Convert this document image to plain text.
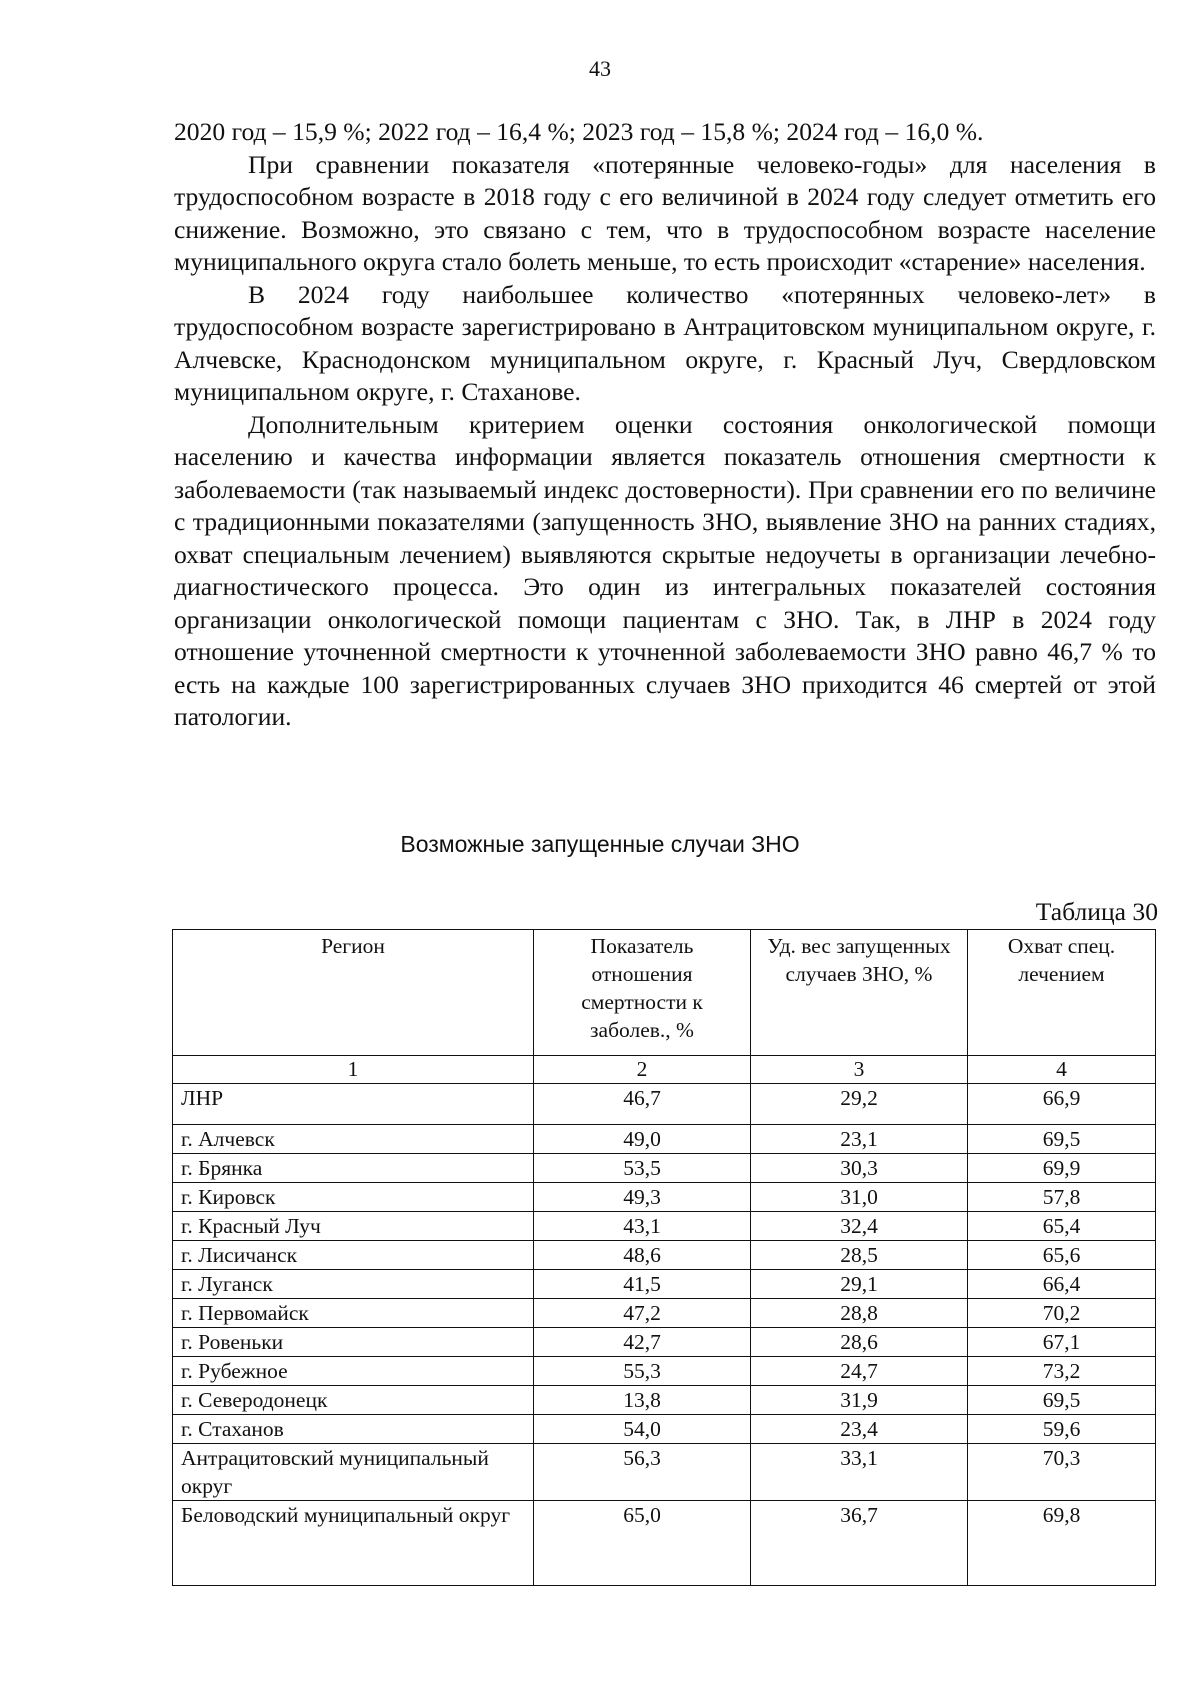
43

2020 год – 15,9 %; 2022 год – 16,4 %; 2023 год – 15,8 %; 2024 год – 16,0 %.

При сравнении показателя «потерянные человеко-годы» для населения в трудоспособном возрасте в 2018 году с его величиной в 2024 году следует отметить его снижение. Возможно, это связано с тем, что в трудоспособном возрасте население муниципального округа стало болеть меньше, то есть происходит «старение» населения.

В 2024 году наибольшее количество «потерянных человеко-лет» в трудоспособном возрасте зарегистрировано в Антрацитовском муниципальном округе, г. Алчевске, Краснодонском муниципальном округе, г. Красный Луч, Свердловском муниципальном округе, г. Стаханове.

Дополнительным критерием оценки состояния онкологической помощи населению и качества информации является показатель отношения смертности к заболеваемости (так называемый индекс достоверности). При сравнении его по величине с традиционными показателями (запущенность ЗНО, выявление ЗНО на ранних стадиях, охват специальным лечением) выявляются скрытые недоучеты в организации лечебно-диагностического процесса. Это один из интегральных показателей состояния организации онкологической помощи пациентам с ЗНО. Так, в ЛНР в 2024 году отношение уточненной смертности к уточненной заболеваемости ЗНО равно 46,7 % то есть на каждые 100 зарегистрированных случаев ЗНО приходится 46 смертей от этой патологии.

Возможные запущенные случаи ЗНО
Таблица 30
Регион	Показатель отношения смертности к заболев., %	Уд. вес запущенных случаев ЗНО, %	Охват спец. лечением
1	2	3	4
ЛНР	46,7	29,2	66,9
г. Алчевск	49,0	23,1	69,5
г. Брянка	53,5	30,3	69,9
г. Кировск	49,3	31,0	57,8
г. Красный Луч	43,1	32,4	65,4
г. Лисичанск	48,6	28,5	65,6
г. Луганск	41,5	29,1	66,4
г. Первомайск	47,2	28,8	70,2
г. Ровеньки	42,7	28,6	67,1
г. Рубежное	55,3	24,7	73,2
г. Северодонецк	13,8	31,9	69,5
г. Стаханов	54,0	23,4	59,6
Антрацитовский муниципальный округ	56,3	33,1	70,3
Беловодский муниципальный округ	65,0	36,7	69,8
